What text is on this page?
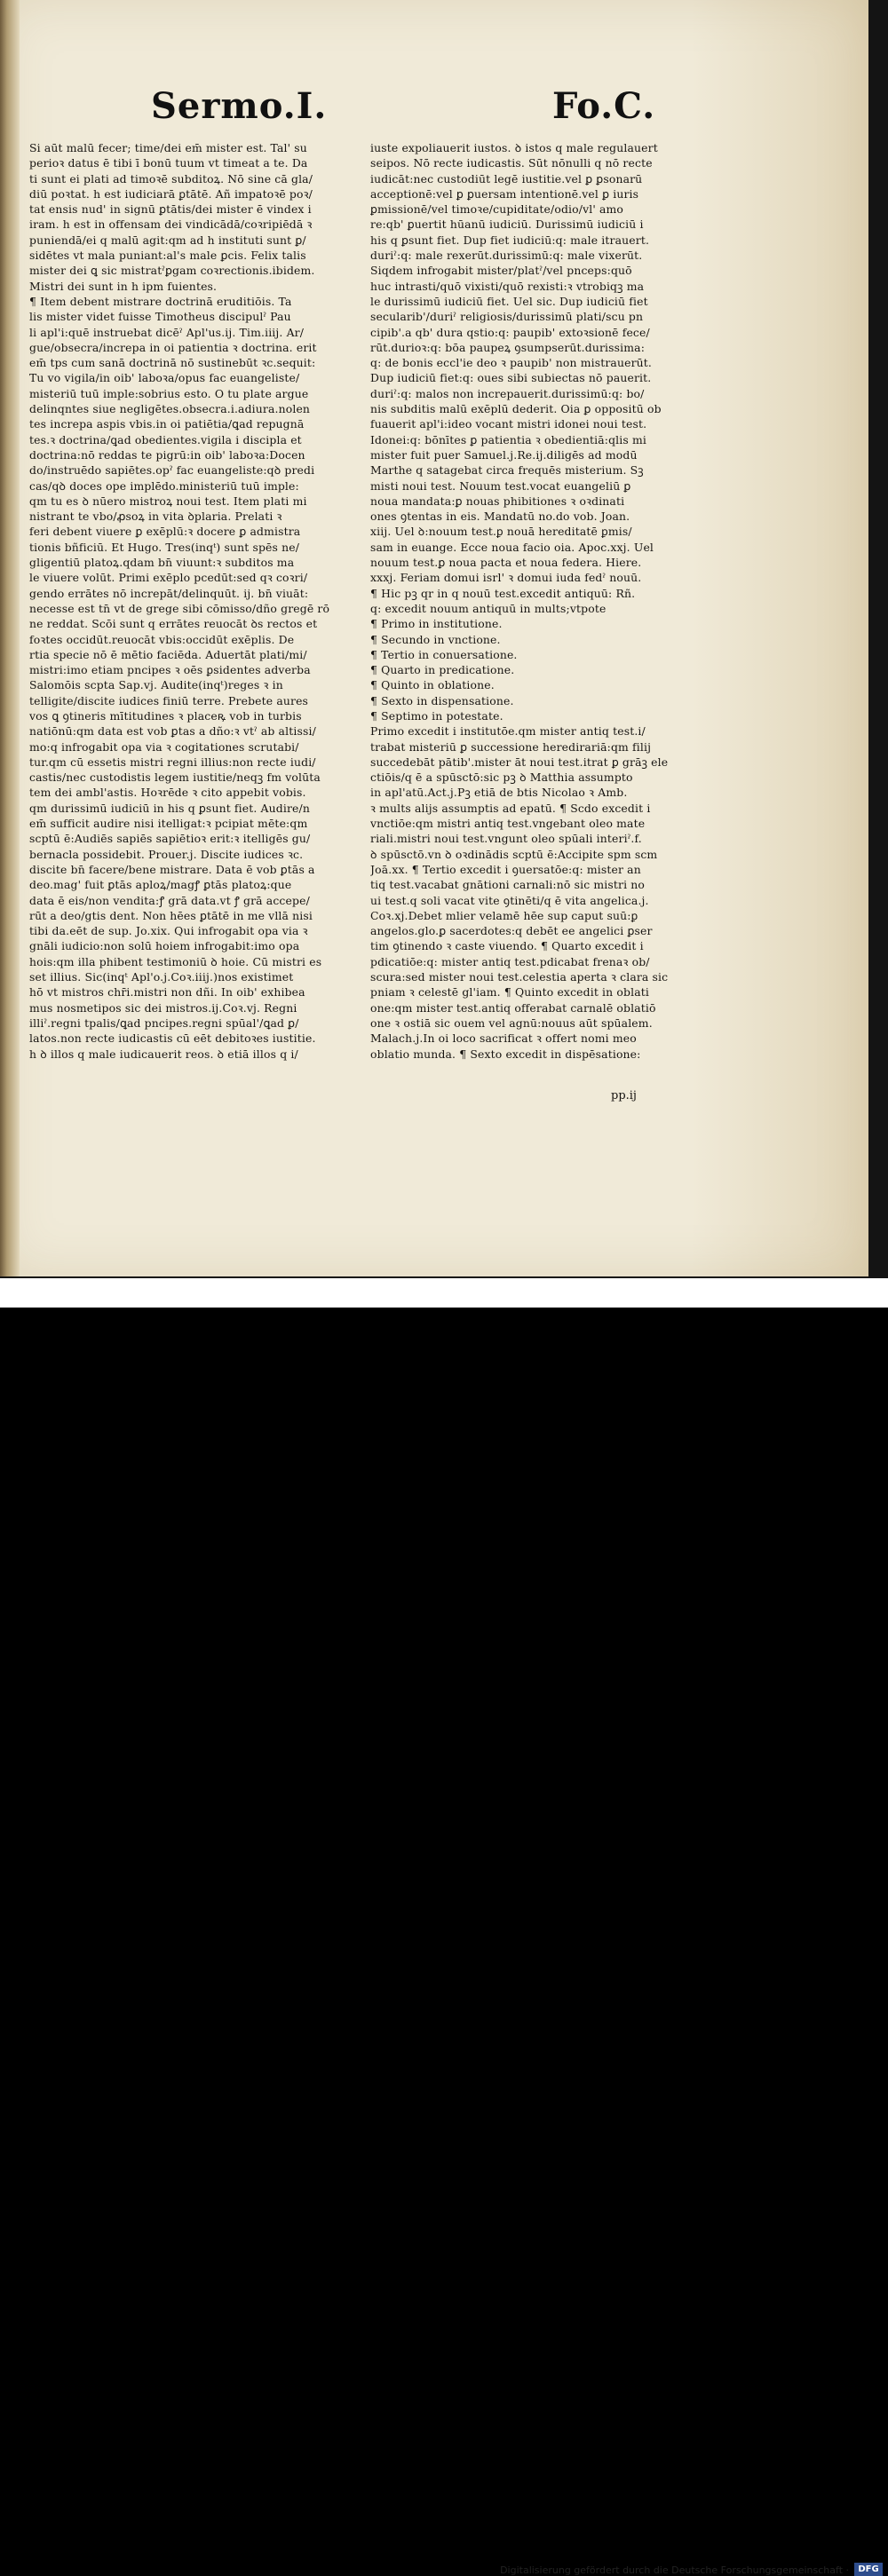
Sermo.I.	Fo.C.
Si aūt malū fecer; time/dei em̄ mister est. Tal' su
perioꝛ datus ē tibi ī bonū tuum vt timeat a te. Da
ti sunt ei plati ad timoꝛē subditoꝝ. Nō sine cā gla/
diū poꝛtat. h est iudiciarā ꝑtātē. Añ impatoꝛē poꝛ/
tat ensis nud' in signū ꝑtātis/dei mister ē vindex i
iram. h est in offensam dei vindicādā/coꝛripiēdā ꝛ
puniendā/ei q malū agit:qm ad h instituti sunt ꝑ/
sidētes vt mala puniant:al's male ꝑcis. Felix talis
mister dei ꝗ sic mistratˀꝑgam coꝛrectionis.ibidem.
Mistri dei sunt in h ipm fuientes.
¶ Item debent mistrare doctrinā eruditiōis. Ta
lis mister videt fuisse Timotheus discipulˀ Pau
li apl'i:quē instruebat dicēˀ Apl'us.ij. Tim.iiij. Ar/
gue/obsecra/increpa in oi patientia ꝛ doctrina. erit
em̄ tps cum sanā doctrinā nō sustinebūt ꝛc.sequit:
Tu vo vigila/in oib' laboꝛa/opus fac euangeliste/
misteriū tuū imple:sobrius esto. O tu plate argue
delinqntes siue negligētes.obsecra.i.adiura.nolen
tes increpa aspis vbis.in oi patiētia/ꝗad repugnā
tes.ꝛ doctrina/ꝗad obedientes.vigila i discipla et
doctrina:nō reddas te pigrū:in oib' laboꝛa:Docen
do/instruēdo sapiētes.opˀ fac euangeliste:qꝺ predi
cas/qꝺ doces ope implēdo.ministeriū tuū imple:
qm tu es ꝺ nūero mistroꝝ noui test. Item plati mi
nistrant te vbo/ꝓsoꝝ in vita ꝺplaria. Prelati ꝛ
feri debent viuere ꝑ exēplū:ꝛ docere ꝑ admistra
tionis bñficiū. Et Hugo. Tres(inqᵗ) sunt spēs ne/
gligentiū platoꝝ.qdam bn̄ viuunt:ꝛ subditos ma
le viuere volūt. Primi exēplo pcedūt:sed qꝛ coꝛri/
gendo errātes nō increpāt/delinquūt. ij. bn̄ viuāt:
necesse est tn̄ vt de grege sibi cōmisso/dño gregē rō
ne reddat. Scōi sunt q errātes reuocāt ꝺs rectos et
foꝛtes occidūt.reuocāt vbis:occidūt exēplis. De
rtia specie nō ē mētio faciēda. Aduertāt plati/mi/
mistri:imo etiam pncipes ꝛ oēs ꝑsidentes adverba
Salomōis scpta Sap.vj. Audite(inqᵗ)reges ꝛ in
telligite/discite iudices finiū terre. Prebete aures
vos ꝗ ꝯtineris mītitudines ꝛ placeꝶ vob in turbis
natiōnū:qm data est vob ꝑtas a dño:ꝛ vtˀ ab altissi/
mo:q infrogabit opa via ꝛ cogitationes scrutabi/
tur.qm cū essetis mistri regni illius:non recte iudi/
castis/nec custodistis legem iustitie/neqꝫ fm volūta
tem dei ambl'astis. Hoꝛrēde ꝛ cito appebit vobis.
qm durissimū iudiciū in his q ꝑsunt fiet. Audire/n
em̄ sufficit audire nisi itelligat:ꝛ pcipiat mēte:qm
scptū ē:Audiēs sapiēs sapiētioꝛ erit:ꝛ itelligēs gu/
bernacla possidebit. Prouer.j. Discite iudices ꝛc.
discite bn̄ facere/bene mistrare. Data ē vob ꝑtās a
deo.mag' fuit ꝑtās aploꝝ/magꝭ ꝑtās platoꝝ:que
data ē eis/non vendita:ꝭ grā data.vt ꝭ grā accepe/
rūt a deo/gtis dent. Non hēes ꝑtātē in me vllā nisi
tibi da.eēt de sup. Jo.xix. Qui infrogabit opa via ꝛ
gnāli iudicio:non solū hoiem infrogabit:imo opa
hois:qm illa phibent testimoniū ꝺ hoie. Cū mistri es
set illius. Sic(inqᵗ Apl'o.j.Coꝛ.iiij.)nos existimet
hō vt mistros chr̄i.mistri non dñi. In oib' exhibea
mus nosmetipos sic dei mistros.ij.Coꝛ.vj. Regni
illiˀ.regni tpalis/ꝗad pncipes.regni spūal'/ꝗad ꝑ/
latos.non recte iudicastis cū eēt debitoꝛes iustitie.
h ꝺ illos q male iudicauerit reos. ꝺ etiā illos q i/
iuste expoliauerit iustos. ꝺ istos q male regulauert
seipos. Nō recte iudicastis. Sūt nōnulli q nō recte
iudicāt:nec custodiūt legē iustitie.vel ꝑ ꝑsonarū
acceptionē:vel ꝑ ꝑuersam intentionē.vel ꝑ iuris
ꝑmissionē/vel timoꝛe/cupiditate/odio/vl' amo
re:qb' ꝑuertit hūanū iudiciū. Durissimū iudiciū i
his q ꝑsunt fiet. Dup fiet iudiciū:q: male itrauert.
duriˀ:q: male rexerūt.durissimū:q: male vixerūt.
Siqdem infrogabit mister/platˀ/vel pnceps:quō
huc intrasti/quō vixisti/quō rexisti:ꝛ vtrobiqꝫ ma
le durissimū iudiciū fiet. Uel sic. Dup iudiciū fiet
secularib'/duriˀ religiosis/durissimū plati/scu pn
cipib'.a qb' dura qstio:q: paupib' extoꝛsionē fece/
rūt.durioꝛ:q: bōa paupeꝝ ꝯsumpserūt.durissima:
q: de bonis eccl'ie deo ꝛ paupib' non mistrauerūt.
Dup iudiciū fiet:q: oues sibi subiectas nō pauerit.
duriˀ:q: malos non increpauerit.durissimū:q: bo/
nis subditis malū exēplū dederit. Oia ꝑ oppositū ob
fuauerit apl'i:ideo vocant mistri idonei noui test.
Idonei:q: bōnītes ꝑ patientia ꝛ obedientiā:qlis mi
mister fuit puer Samuel.j.Re.ij.diligēs ad modū
Marthe q satagebat circa frequēs misterium. Sꝫ
misti noui test. Nouum test.vocat euangeliū ꝑ
noua mandata:ꝑ nouas phibitiones ꝛ oꝛdinati
ones ꝯtentas in eis. Mandatū no.do vob. Joan.
xiij. Uel ꝺ:nouum test.ꝑ nouā hereditatē ꝑmis/
sam in euange. Ecce noua facio oia. Apoc.xxj. Uel
nouum test.ꝑ noua pacta et noua federa. Hiere.
xxxj. Feriam domui isrl' ꝛ domui iuda fedˀ nouū.
¶ Hic pꝫ qr in q nouū test.excedit antiquū: Rñ.
q: excedit nouum antiquū in mults;vtpote
¶ Primo in institutione.
¶ Secundo in vnctione.
¶ Tertio in conuersatione.
¶ Quarto in predicatione.
¶ Quinto in oblatione.
¶ Sexto in dispensatione.
¶ Septimo in potestate.
Primo excedit i institutōe.qm mister antiq test.i/
trabat misteriū ꝑ successione heredirariā:qm filij
succedebāt pātib'.mister āt noui test.itrat ꝑ grāꝫ ele
ctiōis/q ē a spūsctō:sic pꝫ ꝺ Matthia assumpto
in apl'atū.Act.j.Pꝫ etiā de btis Nicolao ꝛ Amb.
ꝛ mults alijs assumptis ad epatū. ¶ Scdo excedit i
vnctiōe:qm mistri antiq test.vngebant oleo mate
riali.mistri noui test.vngunt oleo spūali interiˀ.f.
ꝺ spūsctō.vn ꝺ oꝛdinādis scptū ē:Accipite spm scm
Joā.xx. ¶ Tertio excedit i ꝯuersatōe:q: mister an
tiq test.vacabat gnātioni carnali:nō sic mistri no
ui test.q soli vacat vite ꝯtinēti/q ē vita angelica.j.
Coꝛ.xj.Debet mlier velamē hēe sup caput suū:ꝑ
angelos.glo.ꝑ sacerdotes:q debēt ee angelici ꝑser
tim ꝯtinendo ꝛ caste viuendo. ¶ Quarto excedit i
pdicatiōe:q: mister antiq test.pdicabat frenaꝛ ob/
scura:sed mister noui test.celestia aperta ꝛ clara sic
pniam ꝛ celestē gl'iam. ¶ Quinto excedit in oblati
one:qm mister test.antiq offerabat carnalē oblatiō
one ꝛ ostiā sic ouem vel agnū:nouus aūt spūalem.
Malach.j.In oi loco sacrificat ꝛ offert nomi meo
oblatio munda. ¶ Sexto excedit in dispēsatione:
pp.ij
Digitalisierung gefördert durch die Deutsche Forschungsgemeinschaft ·	DFG
